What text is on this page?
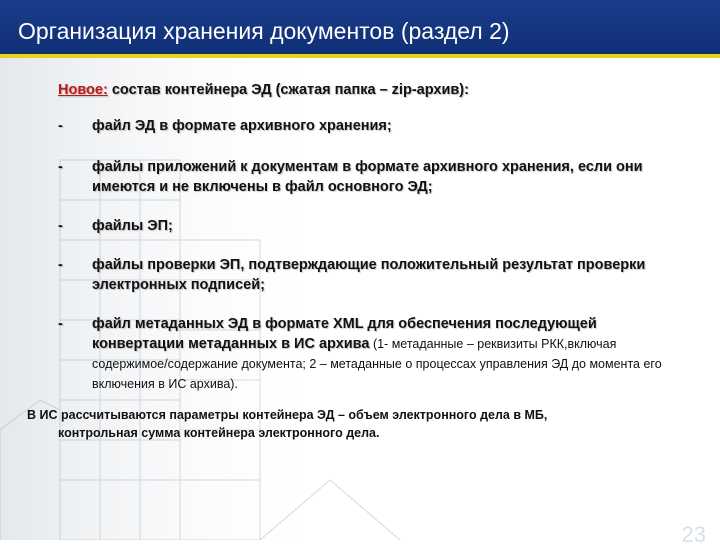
Организация хранения документов (раздел 2)
Новое: состав контейнера ЭД (сжатая папка – zip-архив):
- файл ЭД в формате архивного хранения;
- файлы приложений к документам в формате архивного хранения, если они имеются и не включены в файл основного ЭД;
- файлы ЭП;
- файлы проверки ЭП, подтверждающие положительный результат проверки электронных подписей;
- файл метаданных ЭД в формате XML для обеспечения последующей конвертации метаданных в ИС архива (1- метаданные – реквизиты РКК,включая содержимое/содержание документа; 2 – метаданные о процессах управления ЭД до момента его включения в ИС архива).
В ИС рассчитываются параметры контейнера ЭД – объем электронного дела в МБ,
контрольная сумма контейнера электронного дела.
23
